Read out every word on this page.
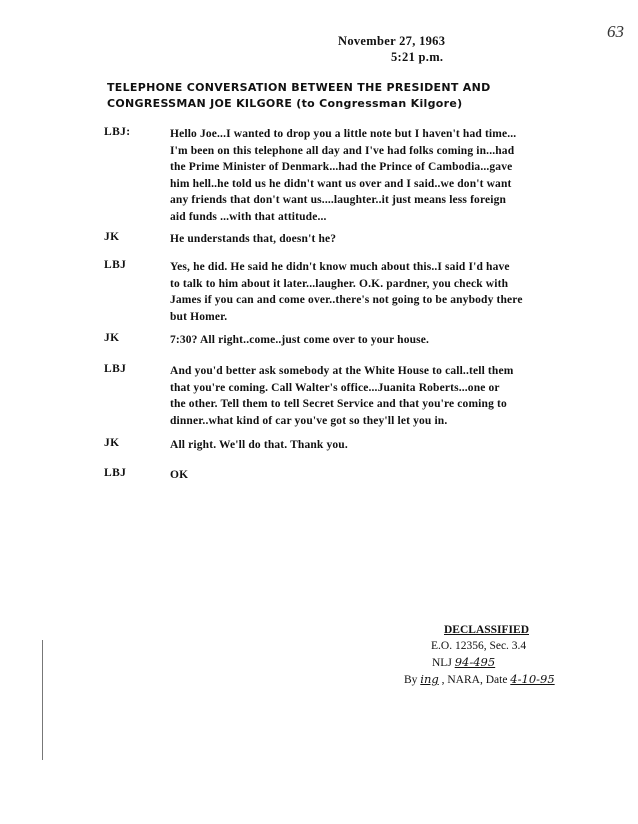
63
November 27, 1963
5:21 p.m.
TELEPHONE CONVERSATION BETWEEN THE PRESIDENT AND
CONGRESSMAN JOE KILGORE (to Congressman Kilgore)
LBJ:	Hello Joe...I wanted to drop you a little note but I haven't had time...
I'm been on this telephone all day and I've had folks coming in...had
the Prime Minister of Denmark...had the Prince of Cambodia...gave
him hell..he told us he didn't want us over and I said..we don't want
any friends that don't want us....laughter..it just means less foreign
aid funds ...with that attitude...
JK	He understands that, doesn't he?
LBJ	Yes, he did. He said he didn't know much about this..I said I'd have
to talk to him about it later...laugher. O.K. pardner, you check with
James if you can and come over..there's not going to be anybody there
but Homer.
JK	7:30? All right..come..just come over to your house.
LBJ	And you'd better ask somebody at the White House to call..tell them
that you're coming. Call Walter's office...Juanita Roberts...one or
the other. Tell them to tell Secret Service and that you're coming to
dinner..what kind of car you've got so they'll let you in.
JK	All right. We'll do that. Thank you.
LBJ	OK
DECLASSIFIED
E.O. 12356, Sec. 3.4
NLJ 94-495
By ing , NARA, Date 4-10-95
